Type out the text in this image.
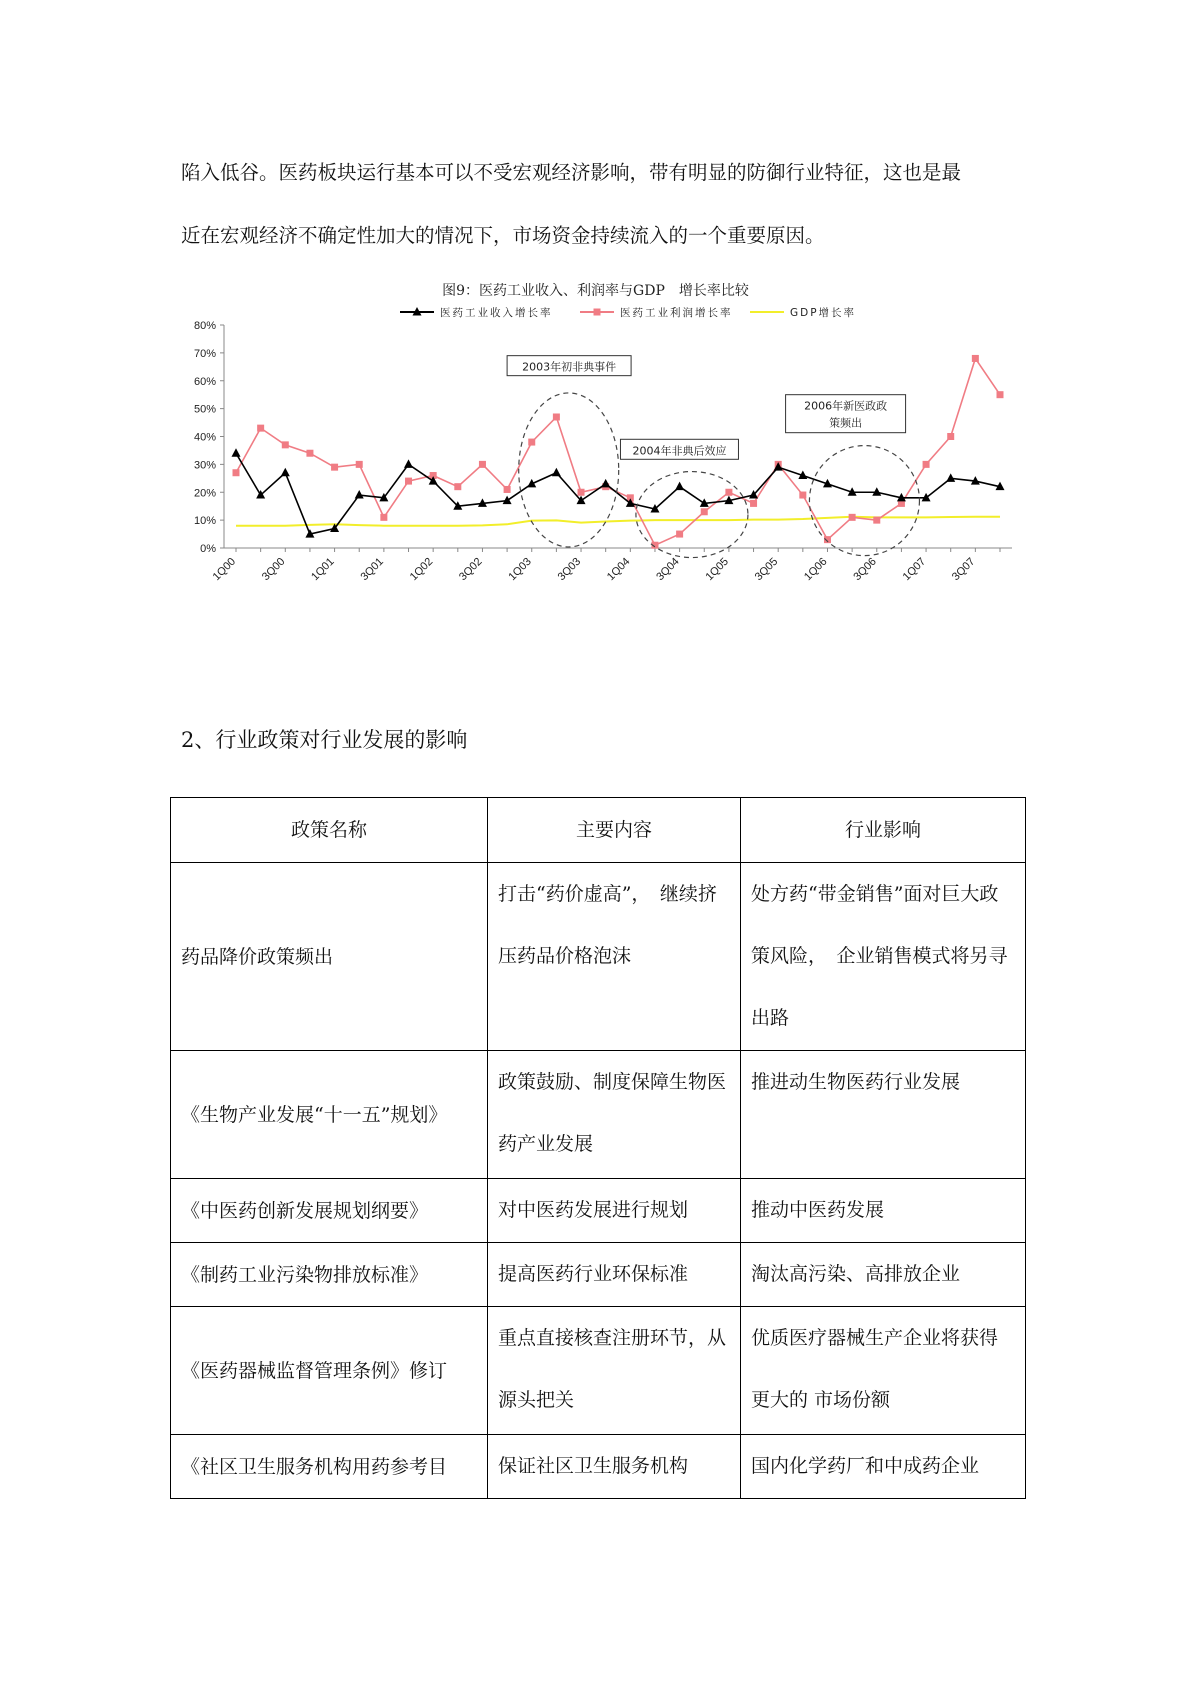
陷入低谷。医药板块运行基本可以不受宏观经济影响，带有明显的防御行业特征，这也是最
近在宏观经济不确定性加大的情况下，市场资金持续流入的一个重要原因。
图9：医药工业收入、利润率与GDP　增长率比较
医药工业收入增长率	医药工业利润增长率	GDP增长率
0%
10%
20%
30%
40%
50%
60%
70%
80%
1Q00 3Q00 1Q01 3Q01 1Q02 3Q02 1Q03 3Q03 1Q04 3Q04 1Q05 3Q05 1Q06 3Q06 1Q07 3Q07
2003年初非典事件
2004年非典后效应
2006年新医政政
策频出
2、行业政策对行业发展的影响
政策名称	主要内容	行业影响

药品降价政策频出	打击“药价虚高”，　继续挤压药品价格泡沫	处方药“带金销售”面对巨大政策风险，　企业销售模式将另寻出路

《生物产业发展“十一五”规划》	政策鼓励、制度保障生物医药产业发展	推进动生物医药行业发展

《中医药创新发展规划纲要》	对中医药发展进行规划	推动中医药发展

《制药工业污染物排放标准》	提高医药行业环保标准	淘汰高污染、高排放企业

《医药器械监督管理条例》修订	重点直接核查注册环节，从源头把关	优质医疗器械生产企业将获得更大的 市场份额

《社区卫生服务机构用药参考目	保证社区卫生服务机构	国内化学药厂和中成药企业
